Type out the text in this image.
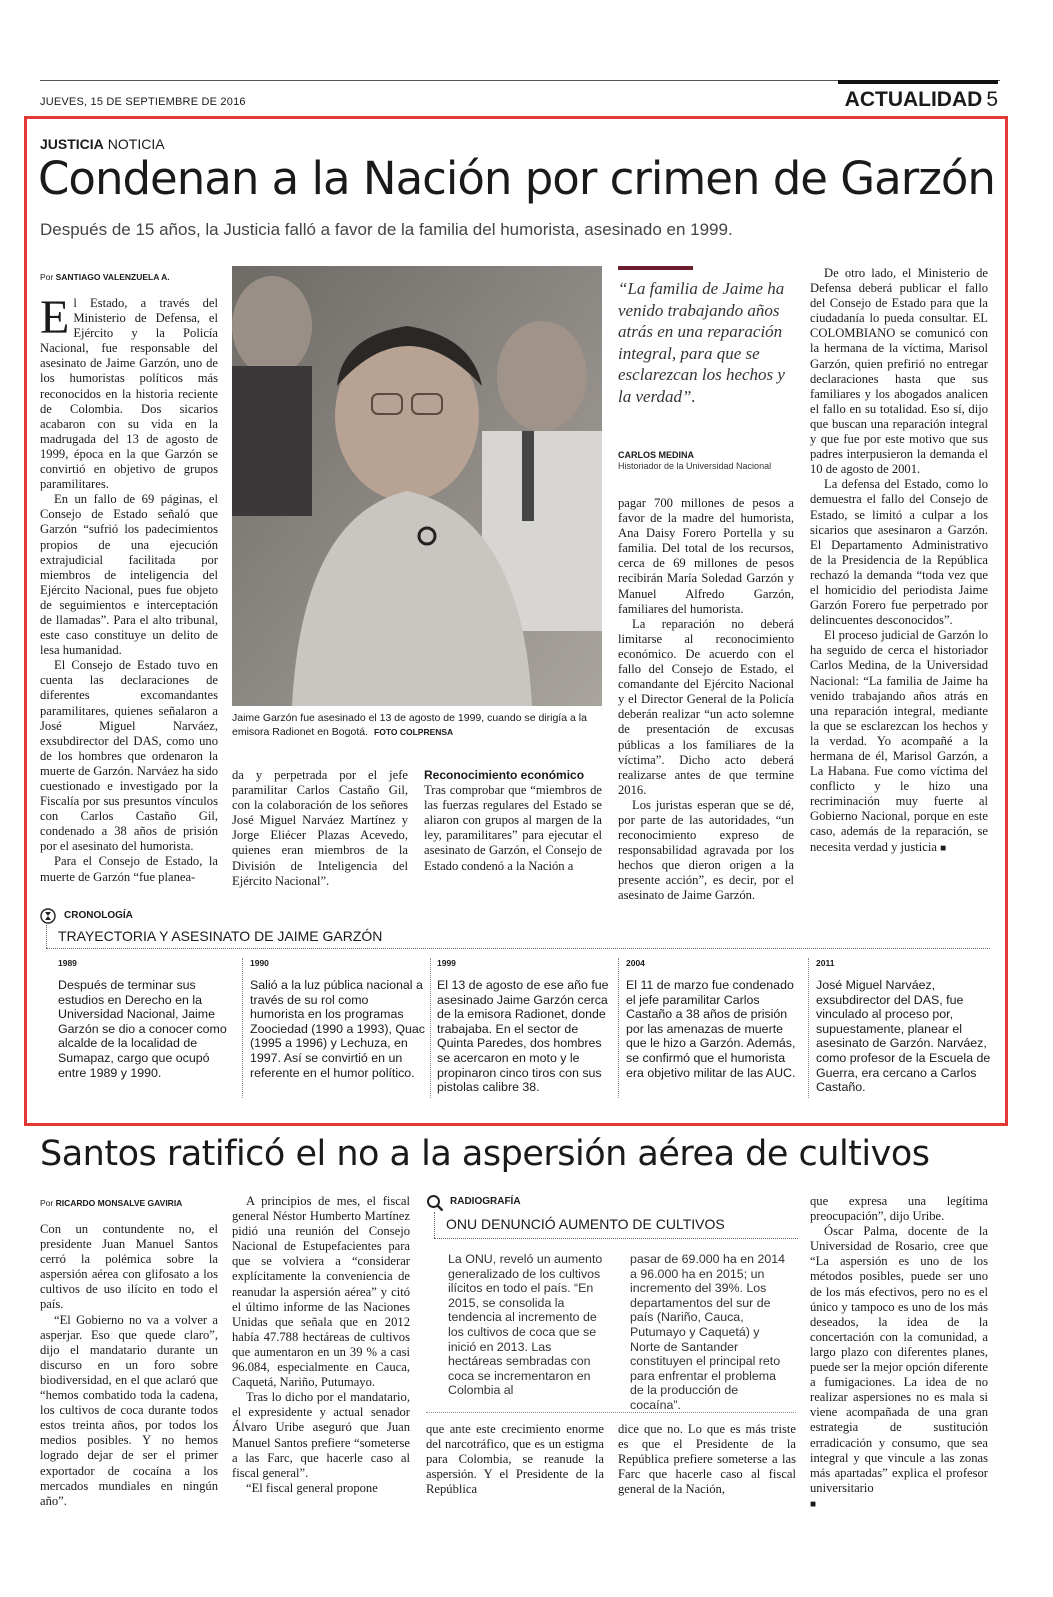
JUEVES, 15 DE SEPTIEMBRE DE 2016	ACTUALIDAD 5
JUSTICIA NOTICIA
Condenan a la Nación por crimen de Garzón
Después de 15 años, la Justicia falló a favor de la familia del humorista, asesinado en 1999.
Por SANTIAGO VALENZUELA A.

El Estado, a través del Ministerio de Defensa, el Ejército y la Policía Nacional, fue responsable del asesinato de Jaime Garzón, uno de los humoristas políticos más reconocidos en la historia reciente de Colombia. Dos sicarios acabaron con su vida en la madrugada del 13 de agosto de 1999, época en la que Garzón se convirtió en objetivo de grupos paramilitares.

En un fallo de 69 páginas, el Consejo de Estado señaló que Garzón “sufrió los padecimientos propios de una ejecución extrajudicial facilitada por miembros de inteligencia del Ejército Nacional, pues fue objeto de seguimientos e interceptación de llamadas”. Para el alto tribunal, este caso constituye un delito de lesa humanidad.

El Consejo de Estado tuvo en cuenta las declaraciones de diferentes excomandantes paramilitares, quienes señalaron a José Miguel Narváez, exsubdirector del DAS, como uno de los hombres que ordenaron la muerte de Garzón. Narváez ha sido cuestionado e investigado por la Fiscalía por sus presuntos vínculos con Carlos Castaño Gil, condenado a 38 años de prisión por el asesinato del humorista.

Para el Consejo de Estado, la muerte de Garzón “fue planea-

Jaime Garzón fue asesinado el 13 de agosto de 1999, cuando se dirigía a la emisora Radionet en Bogotá. FOTO COLPRENSA

da y perpetrada por el jefe paramilitar Carlos Castaño Gil, con la colaboración de los señores José Miguel Narváez Martínez y Jorge Eliécer Plazas Acevedo, quienes eran miembros de la División de Inteligencia del Ejército Nacional”.

Reconocimiento económico

Tras comprobar que “miembros de las fuerzas regulares del Estado se aliaron con grupos al margen de la ley, paramilitares” para ejecutar el asesinato de Garzón, el Consejo de Estado condenó a la Nación a

“La familia de Jaime ha venido trabajando años atrás en una reparación integral, para que se esclarezcan los hechos y la verdad”.
CARLOS MEDINA
Historiador de la Universidad Nacional

pagar 700 millones de pesos a favor de la madre del humorista, Ana Daisy Forero Portella y su familia. Del total de los recursos, cerca de 69 millones de pesos recibirán María Soledad Garzón y Manuel Alfredo Garzón, familiares del humorista.

La reparación no deberá limitarse al reconocimiento económico. De acuerdo con el fallo del Consejo de Estado, el comandante del Ejército Nacional y el Director General de la Policía deberán realizar “un acto solemne de presentación de excusas públicas a los familiares de la víctima”. Dicho acto deberá realizarse antes de que termine 2016.

Los juristas esperan que se dé, por parte de las autoridades, “un reconocimiento expreso de responsabilidad agravada por los hechos que dieron origen a la presente acción”, es decir, por el asesinato de Jaime Garzón.

De otro lado, el Ministerio de Defensa deberá publicar el fallo del Consejo de Estado para que la ciudadanía lo pueda consultar. EL COLOMBIANO se comunicó con la hermana de la víctima, Marisol Garzón, quien prefirió no entregar declaraciones hasta que sus familiares y los abogados analicen el fallo en su totalidad. Eso sí, dijo que buscan una reparación integral y que fue por este motivo que sus padres interpusieron la demanda el 10 de agosto de 2001.

La defensa del Estado, como lo demuestra el fallo del Consejo de Estado, se limitó a culpar a los sicarios que asesinaron a Garzón. El Departamento Administrativo de la Presidencia de la República rechazó la demanda “toda vez que el homicidio del periodista Jaime Garzón Forero fue perpetrado por delincuentes desconocidos”.

El proceso judicial de Garzón lo ha seguido de cerca el historiador Carlos Medina, de la Universidad Nacional: “La familia de Jaime ha venido trabajando años atrás en una reparación integral, mediante la que se esclarezcan los hechos y la verdad. Yo acompañé a la hermana de él, Marisol Garzón, a La Habana. Fue como víctima del conflicto y le hizo una recriminación muy fuerte al Gobierno Nacional, porque en este caso, además de la reparación, se necesita verdad y justicia ■

CRONOLOGÍA
TRAYECTORIA Y ASESINATO DE JAIME GARZÓN
1989
Después de terminar sus estudios en Derecho en la Universidad Nacional, Jaime Garzón se dio a conocer como alcalde de la localidad de Sumapaz, cargo que ocupó entre 1989 y 1990.
1990
Salió a la luz pública nacional a través de su rol como humorista en los programas Zoociedad (1990 a 1993), Quac (1995 a 1996) y Lechuza, en 1997. Así se convirtió en un referente en el humor político.
1999
El 13 de agosto de ese año fue asesinado Jaime Garzón cerca de la emisora Radionet, donde trabajaba. En el sector de Quinta Paredes, dos hombres se acercaron en moto y le propinaron cinco tiros con sus pistolas calibre 38.
2004
El 11 de marzo fue condenado el jefe paramilitar Carlos Castaño a 38 años de prisión por las amenazas de muerte que le hizo a Garzón. Además, se confirmó que el humorista era objetivo militar de las AUC.
2011
José Miguel Narváez, exsubdirector del DAS, fue vinculado al proceso por, supuestamente, planear el asesinato de Garzón. Narváez, como profesor de la Escuela de Guerra, era cercano a Carlos Castaño.
Santos ratificó el no a la aspersión aérea de cultivos
Por RICARDO MONSALVE GAVIRIA

Con un contundente no, el presidente Juan Manuel Santos cerró la polémica sobre la aspersión aérea con glifosato a los cultivos de uso ilícito en todo el país.

“El Gobierno no va a volver a asperjar. Eso que quede claro”, dijo el mandatario durante un discurso en un foro sobre biodiversidad, en el que aclaró que “hemos combatido toda la cadena, los cultivos de coca durante todos estos treinta años, por todos los medios posibles. Y no hemos logrado dejar de ser el primer exportador de cocaína a los mercados mundiales en ningún año”.

A principios de mes, el fiscal general Néstor Humberto Martínez pidió una reunión del Consejo Nacional de Estupefacientes para que se volviera a “considerar explícitamente la conveniencia de reanudar la aspersión aérea” y citó el último informe de las Naciones Unidas que señala que en 2012 había 47.788 hectáreas de cultivos que aumentaron en un 39 % a casi 96.084, especialmente en Cauca, Caquetá, Nariño, Putumayo.

Tras lo dicho por el mandatario, el expresidente y actual senador Álvaro Uribe aseguró que Juan Manuel Santos prefiere “someterse a las Farc, que hacerle caso al fiscal general”.

“El fiscal general propone

RADIOGRAFÍA
ONU DENUNCIÓ AUMENTO DE CULTIVOS
La ONU, reveló un aumento generalizado de los cultivos ilícitos en todo el país. “En 2015, se consolida la tendencia al incremento de los cultivos de coca que se inició en 2013. Las hectáreas sembradas con coca se incrementaron en Colombia al
pasar de 69.000 ha en 2014 a 96.000 ha en 2015; un incremento del 39%. Los departamentos del sur de país (Nariño, Cauca, Putumayo y Caquetá) y Norte de Santander constituyen el principal reto para enfrentar el problema de la producción de cocaína”.

que ante este crecimiento enorme del narcotráfico, que es un estigma para Colombia, se reanude la aspersión. Y el Presidente de la República

dice que no. Lo que es más triste es que el Presidente de la República prefiere someterse a las Farc que hacerle caso al fiscal general de la Nación,

que expresa una legítima preocupación”, dijo Uribe.

Óscar Palma, docente de la Universidad de Rosario, cree que “La aspersión es uno de los métodos posibles, puede ser uno de los más efectivos, pero no es el único y tampoco es uno de los más deseados, la idea de la concertación con la comunidad, a largo plazo con diferentes planes, puede ser la mejor opción diferente a fumigaciones. La idea de no realizar aspersiones no es mala si viene acompañada de una gran estrategia de sustitución erradicación y consumo, que sea integral y que vincule a las zonas más apartadas” explica el profesor universitario

■
